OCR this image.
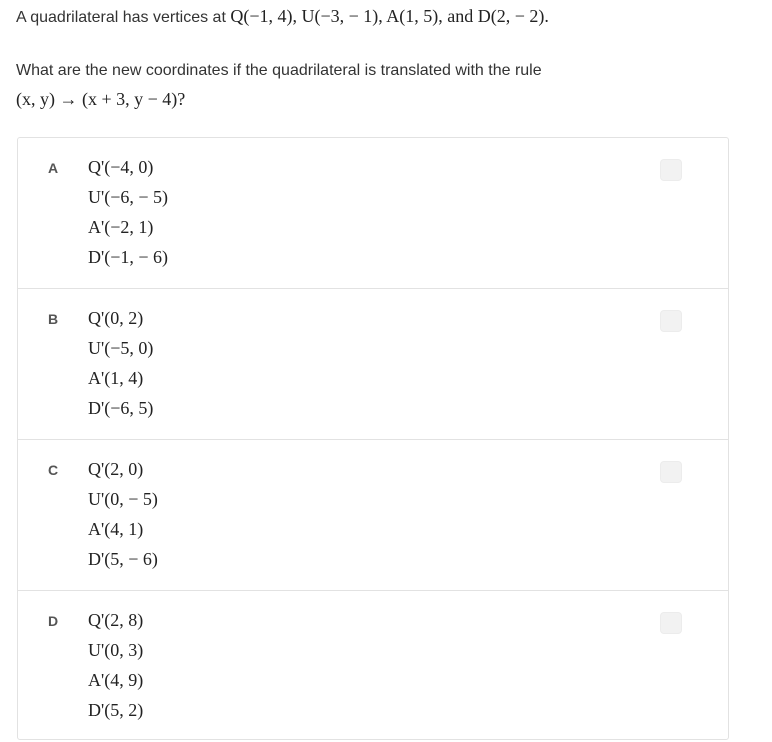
A quadrilateral has vertices at Q(−1, 4), U(−3, − 1), A(1, 5), and D(2, − 2).
What are the new coordinates if the quadrilateral is translated with the rule
(x, y) → (x + 3, y − 4)?
A Q'(−4, 0)
U'(−6, − 5)
A'(−2, 1)
D'(−1, − 6)
B Q'(0, 2)
U'(−5, 0)
A'(1, 4)
D'(−6, 5)
C Q'(2, 0)
U'(0, − 5)
A'(4, 1)
D'(5, − 6)
D Q'(2, 8)
U'(0, 3)
A'(4, 9)
D'(5, 2)
